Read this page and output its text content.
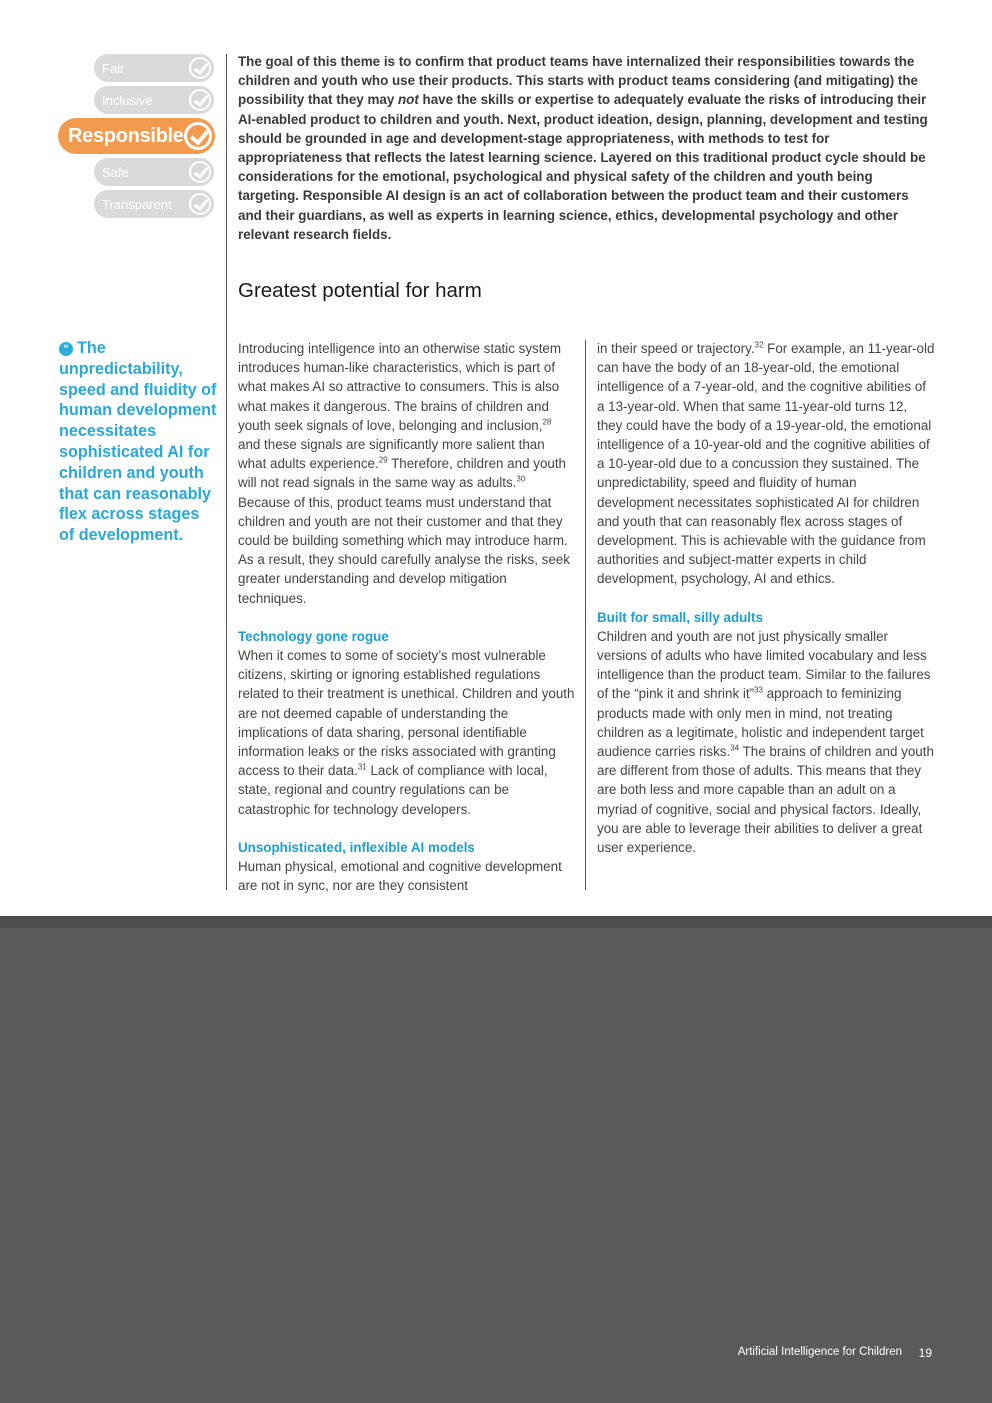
Fair
Inclusive
Responsible
Safe
Transparent

The goal of this theme is to confirm that product teams have internalized their responsibilities towards the children and youth who use their products. This starts with product teams considering (and mitigating) the possibility that they may not have the skills or expertise to adequately evaluate the risks of introducing their AI-enabled product to children and youth. Next, product ideation, design, planning, development and testing should be grounded in age and development-stage appropriateness, with methods to test for appropriateness that reflects the latest learning science. Layered on this traditional product cycle should be considerations for the emotional, psychological and physical safety of the children and youth being targeting. Responsible AI design is an act of collaboration between the product team and their customers and their guardians, as well as experts in learning science, ethics, developmental psychology and other relevant research fields.

Greatest potential for harm

“ The unpredictability, speed and fluidity of human development necessitates sophisticated AI for children and youth that can reasonably flex across stages of development.

Introducing intelligence into an otherwise static system introduces human-like characteristics, which is part of what makes AI so attractive to consumers. This is also what makes it dangerous. The brains of children and youth seek signals of love, belonging and inclusion,$^{28}$ and these signals are significantly more salient than what adults experience.$^{29}$ Therefore, children and youth will not read signals in the same way as adults.$^{30}$ Because of this, product teams must understand that children and youth are not their customer and that they could be building something which may introduce harm. As a result, they should carefully analyse the risks, seek greater understanding and develop mitigation techniques.

Technology gone rogue

When it comes to some of society’s most vulnerable citizens, skirting or ignoring established regulations related to their treatment is unethical. Children and youth are not deemed capable of understanding the implications of data sharing, personal identifiable information leaks or the risks associated with granting access to their data.$^{31}$ Lack of compliance with local, state, regional and country regulations can be catastrophic for technology developers.

Unsophisticated, inflexible AI models

Human physical, emotional and cognitive development are not in sync, nor are they consistent

in their speed or trajectory.$^{32}$ For example, an 11-year-old can have the body of an 18-year-old, the emotional intelligence of a 7-year-old, and the cognitive abilities of a 13-year-old. When that same 11-year-old turns 12, they could have the body of a 19-year-old, the emotional intelligence of a 10-year-old and the cognitive abilities of a 10-year-old due to a concussion they sustained. The unpredictability, speed and fluidity of human development necessitates sophisticated AI for children and youth that can reasonably flex across stages of development. This is achievable with the guidance from authorities and subject-matter experts in child development, psychology, AI and ethics.

Built for small, silly adults

Children and youth are not just physically smaller versions of adults who have limited vocabulary and less intelligence than the product team. Similar to the failures of the “pink it and shrink it”$^{33}$ approach to feminizing products made with only men in mind, not treating children as a legitimate, holistic and independent target audience carries risks.$^{34}$ The brains of children and youth are different from those of adults. This means that they are both less and more capable than an adult on a myriad of cognitive, social and physical factors. Ideally, you are able to leverage their abilities to deliver a great user experience.

Artificial Intelligence for Children 19
